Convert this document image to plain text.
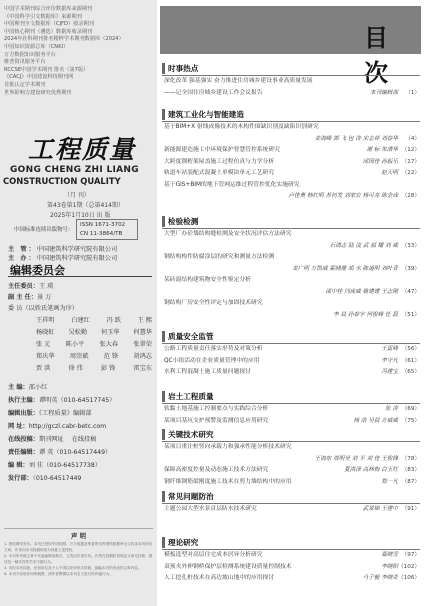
中国学术期刊综合评价数据库来源期刊
《中国科学引文数据库》来源期刊
中国期刊全文数据库（CJFD）收录期刊
中国核心期刊（遴选）数据库收录期刊
2024年社科期刊排名精粹学术期刊数据库（2024）
中国知识资源总库（CNKI）
万方数据知识服务平台
维普资讯服务平台
RCCSE中国学术期刊 排名（第7版）
《CACJ》中国建设科技期刊网
首批认定学术期刊
世界影响力建设研究优秀期刊
工程质量
GONG CHENG ZHI LIANG
CONSTRUCTION QUALITY
（月 刊）
第43卷第1期（总第414期）
2025年1月10日 出 版
中国标准连续出版物号：
ISSN 1671-3702
CN 11-3864/TB
主 管：中国建筑科学研究院有限公司
主 办：中国建筑科学研究院有限公司
编辑委员会
主任委员：王 瑛
副 主 任：景 万
委 员（以姓氏笔画为序）
王祥明	白建红	冯 跃	王 熙
杨晓虹 吴松勤 何玉华 何慧华
张 元 陈小平 张大春 张翠荣
郑庆华 周崇斌 范 锋 胡鸿志
贾 洪	徐 伟	彭 锋	雷宝东
主 编：邵小红
执行主编：谭明英（010-64517745）
编辑出版：《工程质量》编辑部
网 址：http://gczl.cabr-betc.com
在线投稿：期刊网址 在线投稿
责任编辑：谭 英（010-64517449）
编 辑：刘 佳（010-64517738）
发行部：（010-64517449
声 明
1. 授权网络发布。本刊已授权中国知网、万方数据及维普资讯等网络数据库全文收录本刊所有文章，作者向本刊投稿即视为同意上述授权。
2. 本刊所刊载文章不代表编辑部观点，文责由作者自负。作者在投稿时须保证文章无抄袭、剽窃及一稿多投等学术不端行为。
3. 未经本刊同意，任何单位及个人不得以任何形式转载、摘编本刊所发表的文章内容。
4. 本刊不收取任何审稿费，请作者警惕以本刊名义进行的诈骗行为。
目 次
时事热点
深化改革 强基强实 奋力推进住房城乡建设事业高质量发展
——记全国住房城乡建设工作会议报告	本刊编辑部 （1）
建筑工业化与智能建造
基于BIM+X 射线成像技术的木构件围缺识别及缺陷识别研究
姜海峰 郭 飞 包 涛 宋志祥 刘春华 （4）
新能源建造施工中环境保护智慧管控系统研究	谢 标 朱清华 （12）
大跨度钢桁架屋盖施工过程仿真与力学分析	邱国佳 孙振乐 （17）
轨道车站装配式混凝土单模块单元工艺研究	赵天明 （22）
基于GIS+BIM的地下管网运维过程管控优化实施研究
卢佳奥 韩红明 苏钊发 刘家宏 杨可亮 陈金成 （28）
检验检测
大型厂办砼墙结构缝检测及安全状况评估方法研究
石鸿志 陆 凌 武 福 耀 刘 威 （33）
钢结构构件防腐涂层的研究和测量方法检测
姜广明 万凯威 霍晓珊 胡 水 陈道明 刘叶青 （39）
某砖混结构建筑物安全性鉴定分析
邵中桂 闫成威 姚建建 王志刚 （47）
钢结构厂房安全性评定与加固技术研究
李 晨 孙春宇 何俊峰 任 磊 （51）
质量安全监管
公路工程质量责任落实形势及对策分析	王雷峰 （56）
QC小组活动在企业质量管理中的应用	李守凡 （61）
水利工程混凝土施工质量问题探讨	冯建宝 （65）
岩土工程质量
软黏土地基施工控制要点与实践综合分析	张 涛 （69）
某项目基坑支护预警及监测信息应用研究	杨 浩 吴晨 方威威 （75）
关键技术研究
某项目重注桩竖向承载力和强承性能分析技术研究
王海东 周明昊 刘 平 刘 佳 王俊锋 （78）
保障高密度控量及动态施工技术方法研究	夏洪泽 高林梅 白玉红 （83）
钢纤维钢筋梁刚度施工技术在剪力墙结构中的应用	郑一凡 （87）
常见问题防治
主题公园大型水景首层防水技术研究	武景锦 王建中 （91）
理论研究
模板选型对高层住宅成本居异分析研究	葛晓雪 （97）
双预夹外伸钢桥保护层检测系统建设质量控制技术	李晓阳 （102）
人工挖孔桩技术在高边坡山地中的应用探讨	马子毅 李晓奇 （106）
